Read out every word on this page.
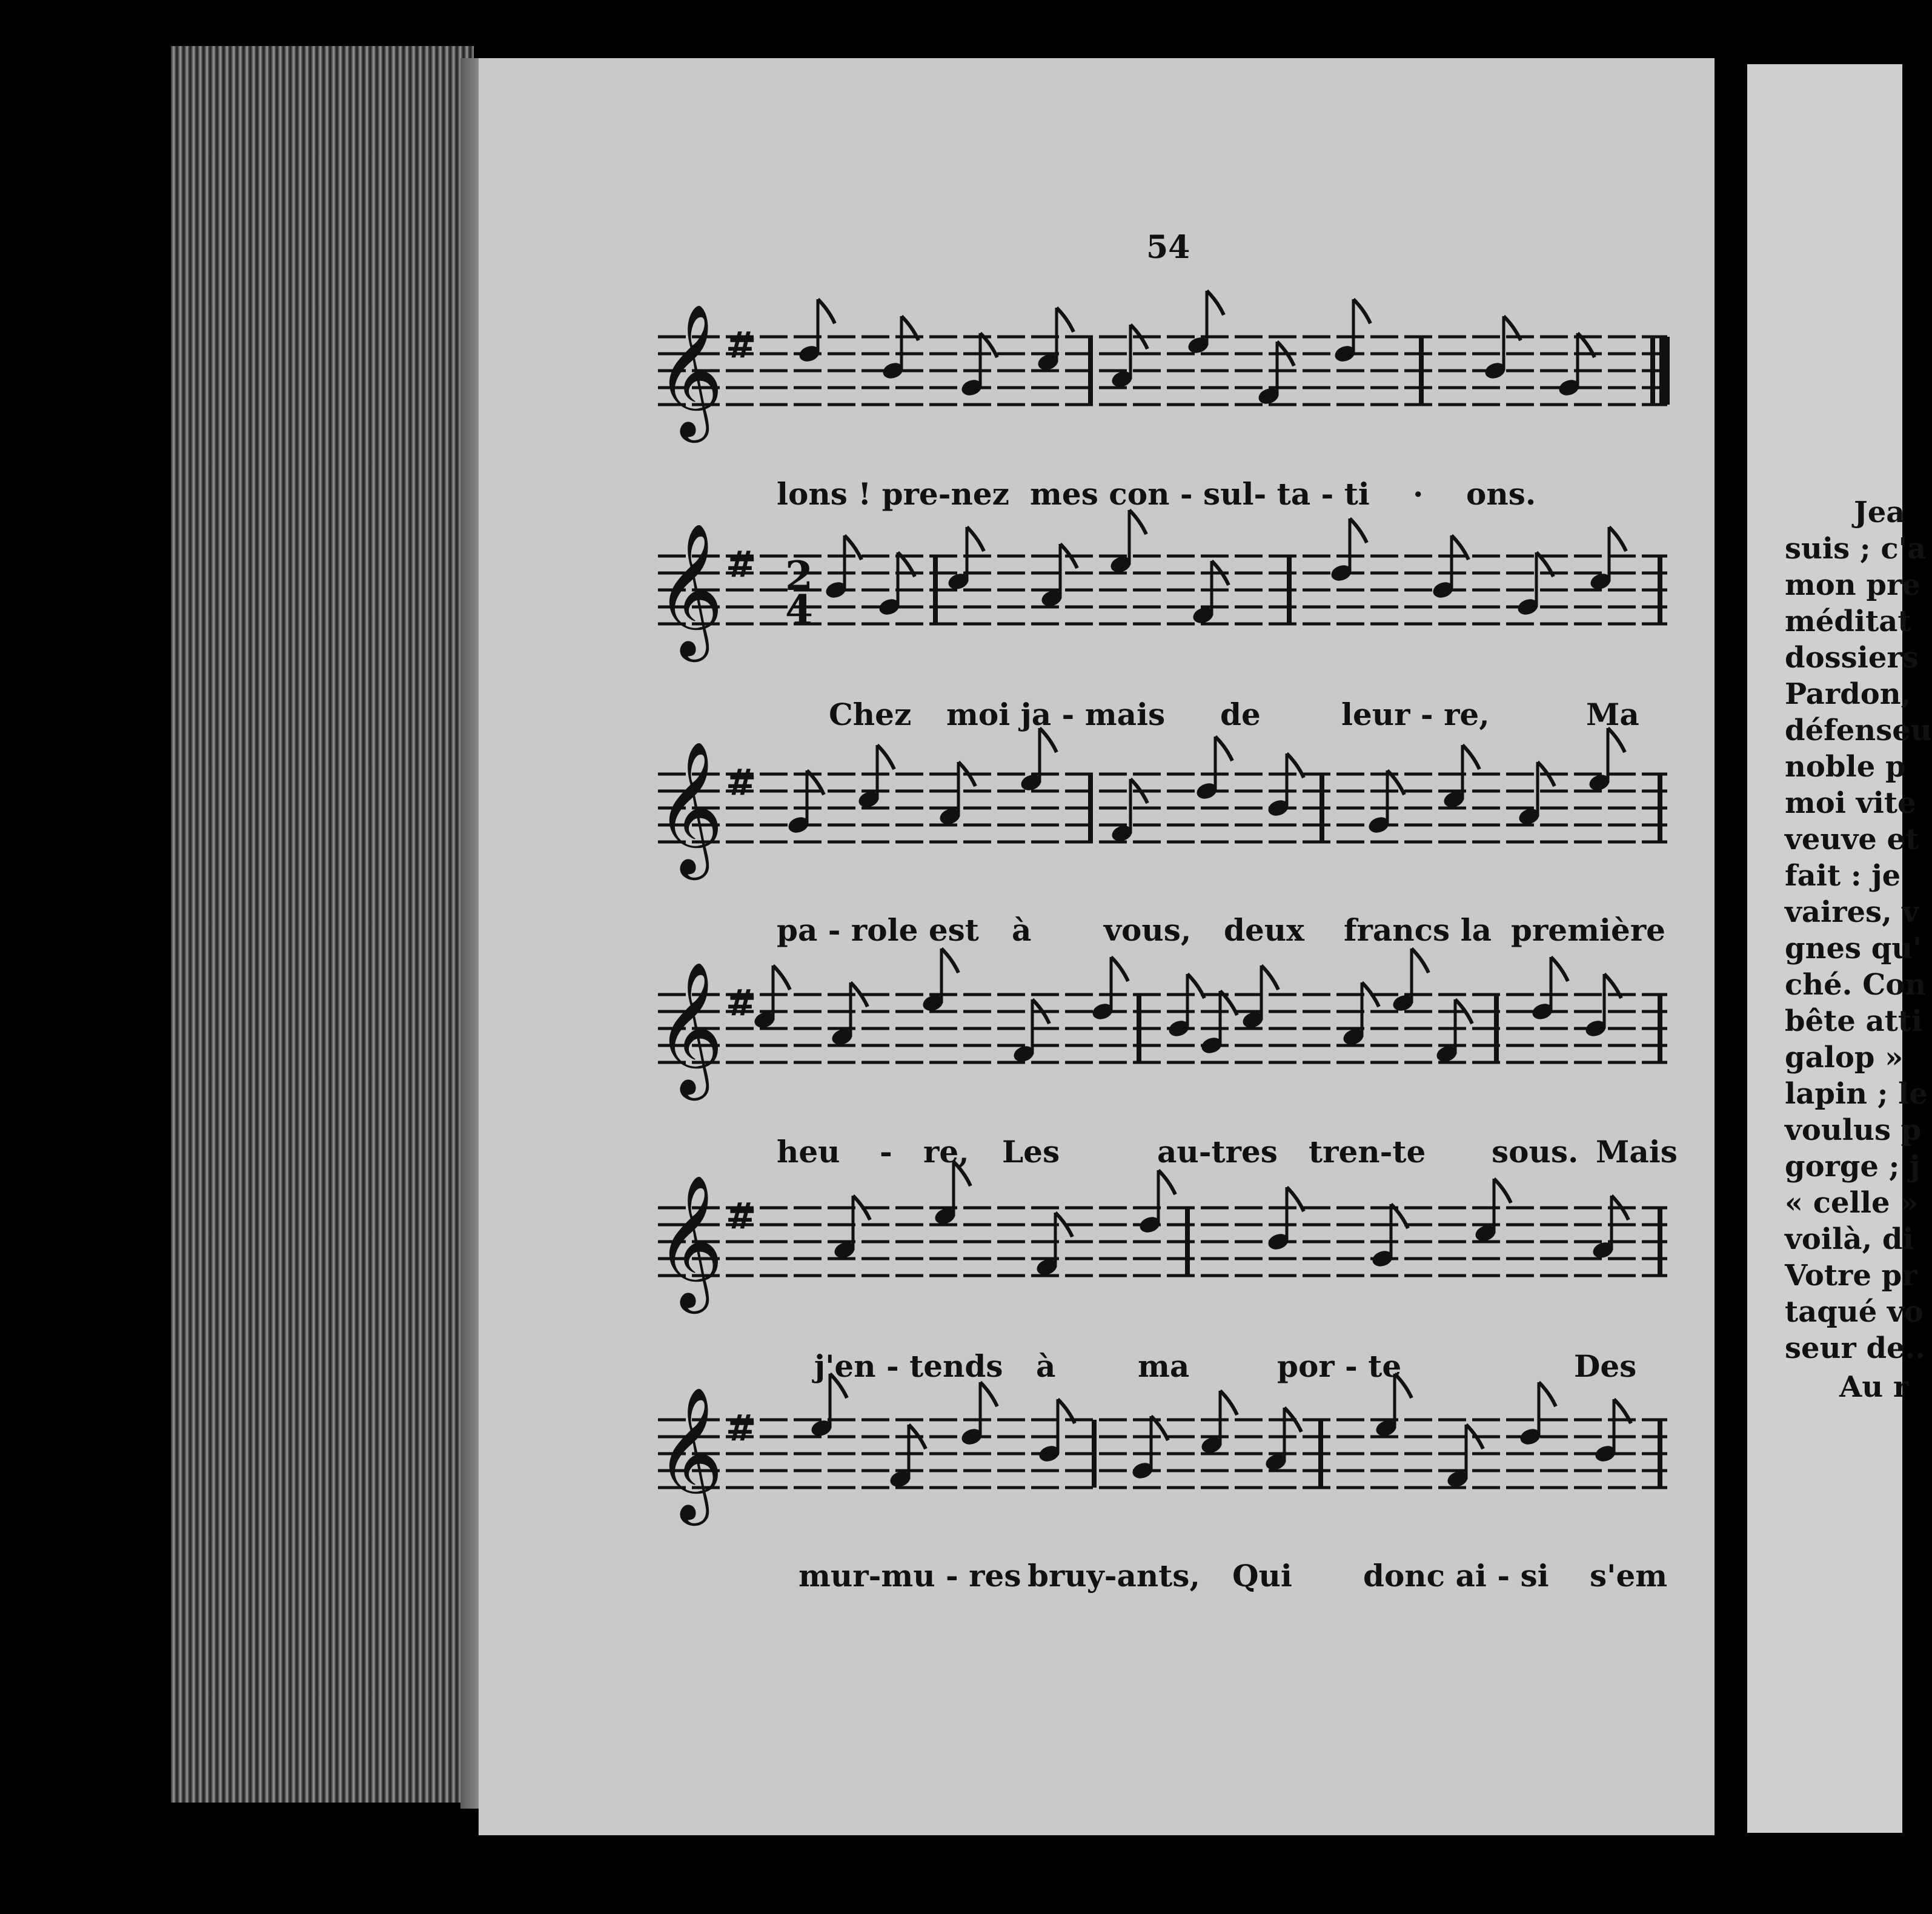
54
𝄞 #
𝄞 # 2
4
𝄞 #
𝄞 #
𝄞 #
𝄞 #
lons ! pre-nez mes con - sul- ta - ti · ons.
Chez moi ja - mais de	leur - re,	Ma
pa - role est à vous, deux francs la première
heu - re, Les	au-tres tren-te sous. Mais
j'en - tends à	ma	por - te	Des
mur-mu - res bruy-ants, Qui donc ai - si s'em
Jea
suis ; c'a
mon pre
méditat
dossiers
Pardon,
défenseu
noble p
moi vite
veuve et
fait : je
vaires, v
gnes qu'
ché. Con
bête atti
galop »
lapin ; le
voulus p
gorge ; j
« celle »
voilà, di
Votre pr
taqué vo
seur de..
Au r
